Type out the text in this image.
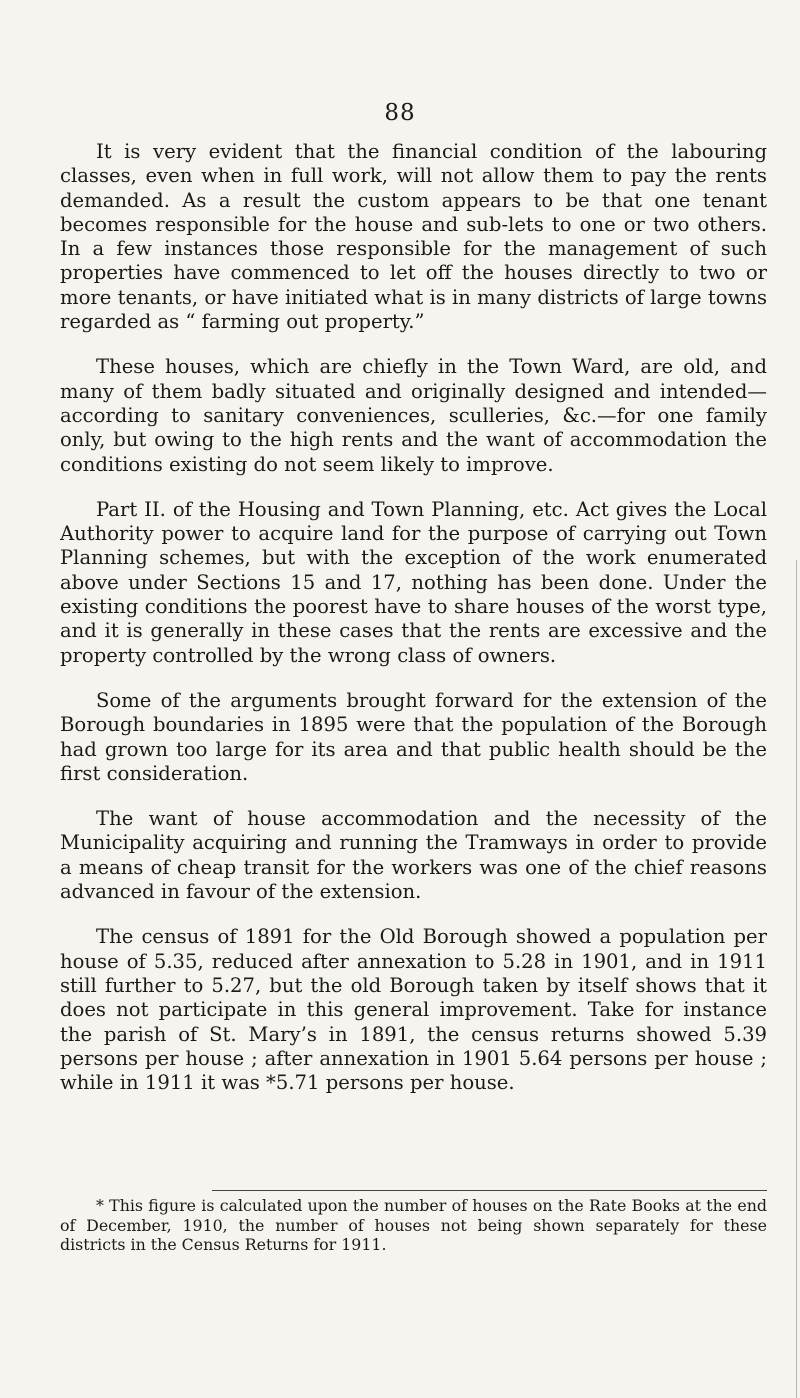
88

It is very evident that the financial condition of the labouring classes, even when in full work, will not allow them to pay the rents demanded. As a result the custom appears to be that one tenant becomes responsible for the house and sub-lets to one or two others. In a few instances those responsible for the management of such properties have commenced to let off the houses directly to two or more tenants, or have initiated what is in many districts of large towns regarded as “ farming out property.”

These houses, which are chiefly in the Town Ward, are old, and many of them badly situated and originally designed and intended—according to sanitary conveniences, sculleries, &c.—for one family only, but owing to the high rents and the want of accommodation the conditions existing do not seem likely to improve.

Part II. of the Housing and Town Planning, etc. Act gives the Local Authority power to acquire land for the purpose of carrying out Town Planning schemes, but with the exception of the work enumerated above under Sections 15 and 17, nothing has been done. Under the existing conditions the poorest have to share houses of the worst type, and it is generally in these cases that the rents are excessive and the property controlled by the wrong class of owners.

Some of the arguments brought forward for the extension of the Borough boundaries in 1895 were that the population of the Borough had grown too large for its area and that public health should be the first consideration.

The want of house accommodation and the necessity of the Municipality acquiring and running the Tramways in order to provide a means of cheap transit for the workers was one of the chief reasons advanced in favour of the extension.

The census of 1891 for the Old Borough showed a population per house of 5.35, reduced after annexation to 5.28 in 1901, and in 1911 still further to 5.27, but the old Borough taken by itself shows that it does not participate in this general improvement. Take for instance the parish of St. Mary’s in 1891, the census returns showed 5.39 persons per house ; after annexation in 1901 5.64 persons per house ; while in 1911 it was *5.71 persons per house.

* This figure is calculated upon the number of houses on the Rate Books at the end of December, 1910, the number of houses not being shown separately for these districts in the Census Returns for 1911.
